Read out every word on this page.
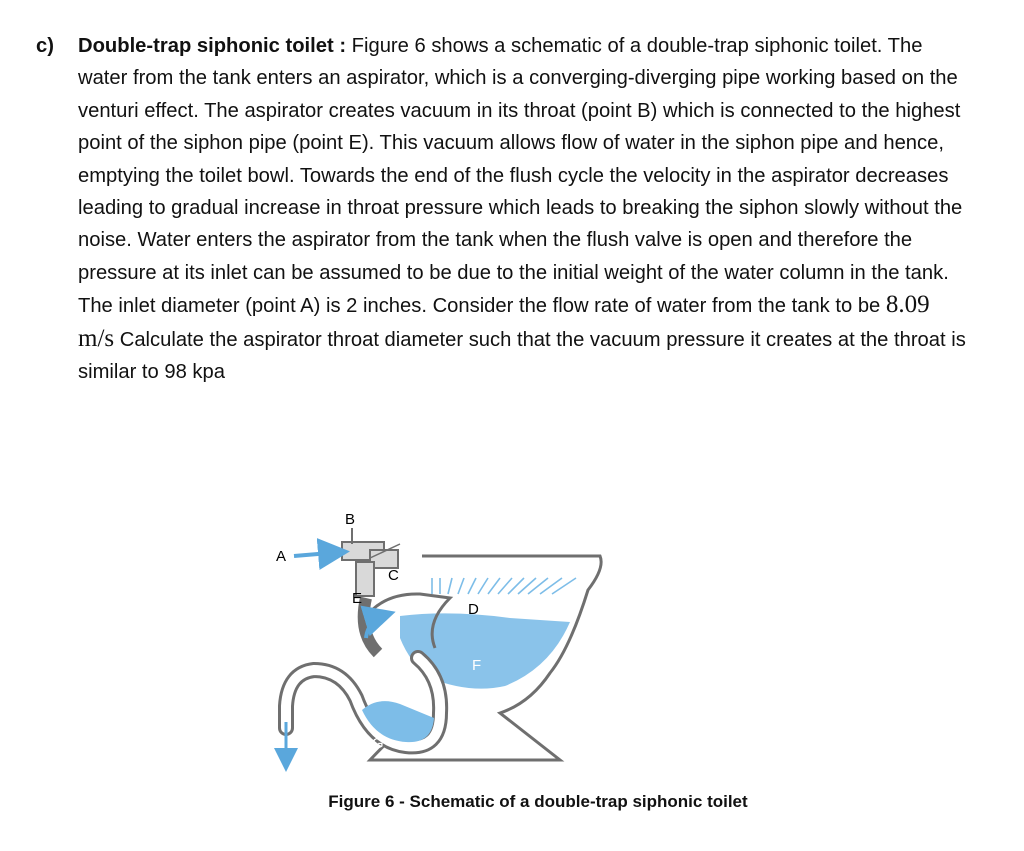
c) Double-trap siphonic toilet : Figure 6 shows a schematic of a double-trap siphonic toilet. The water from the tank enters an aspirator, which is a converging-diverging pipe working based on the venturi effect. The aspirator creates vacuum in its throat (point B) which is connected to the highest point of the siphon pipe (point E). This vacuum allows flow of water in the siphon pipe and hence, emptying the toilet bowl. Towards the end of the flush cycle the velocity in the aspirator decreases leading to gradual increase in throat pressure which leads to breaking the siphon slowly without the noise. Water enters the aspirator from the tank when the flush valve is open and therefore the pressure at its inlet can be assumed to be due to the initial weight of the water column in the tank. The inlet diameter (point A) is 2 inches. Consider the flow rate of water from the tank to be 8.09 m/s Calculate the aspirator throat diameter such that the vacuum pressure it creates at the throat is similar to 98 kpa
B
A
C
E
D
F
G
Figure 6 - Schematic of a double-trap siphonic toilet
